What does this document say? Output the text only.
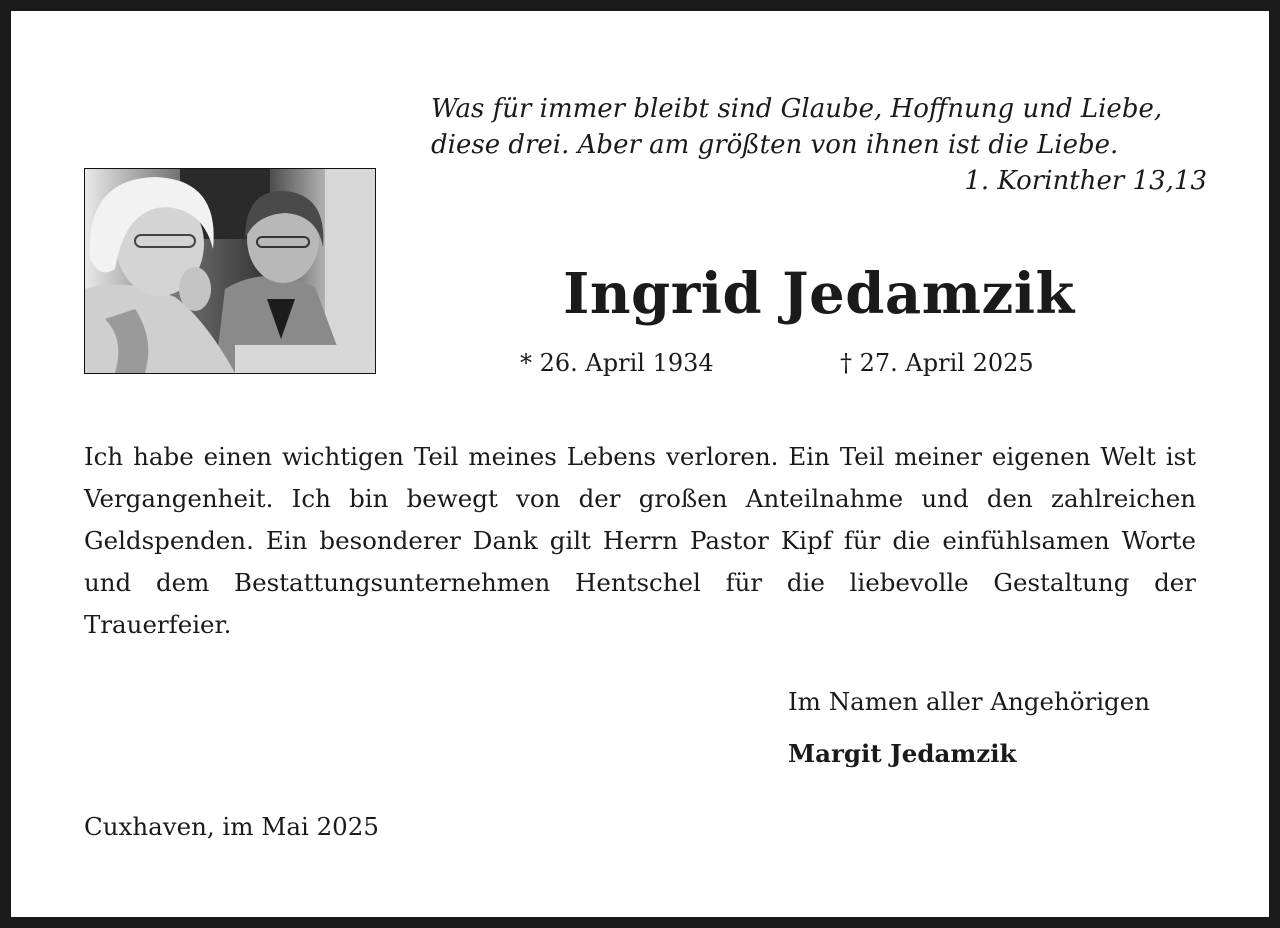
Was für immer bleibt sind Glaube, Hoffnung und Liebe,
diese drei. Aber am größten von ihnen ist die Liebe.
1. Korinther 13,13
Ingrid Jedamzik
* 26. April 1934	† 27. April 2025
Ich habe einen wichtigen Teil meines Lebens verloren. Ein Teil meiner eigenen Welt ist Vergangenheit. Ich bin bewegt von der großen Anteilnahme und den zahlreichen Geldspenden. Ein besonderer Dank gilt Herrn Pastor Kipf für die einfühlsamen Worte und dem Bestattungsunternehmen Hentschel für die liebevolle Gestaltung der Trauerfeier.
Im Namen aller Angehörigen
Margit Jedamzik
Cuxhaven, im Mai 2025
